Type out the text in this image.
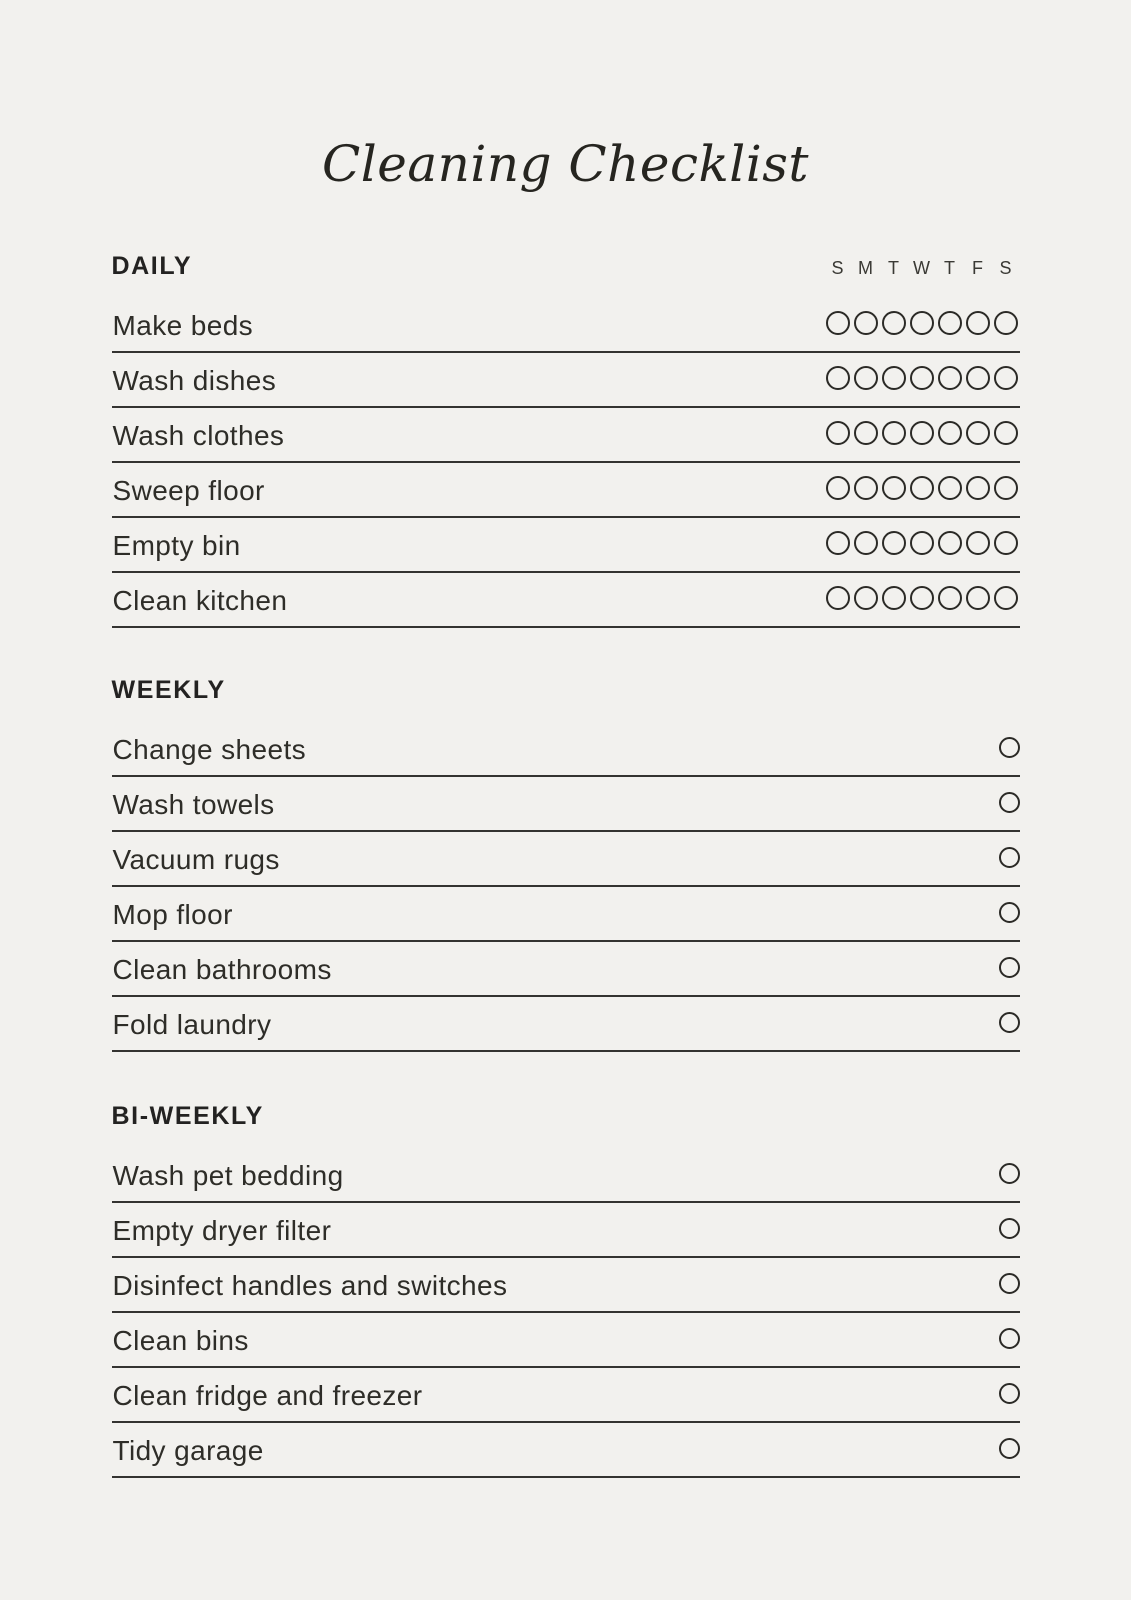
Cleaning Checklist
DAILY	S M T W T F S
Make beds
Wash dishes
Wash clothes
Sweep floor
Empty bin
Clean kitchen
WEEKLY
Change sheets
Wash towels
Vacuum rugs
Mop floor
Clean bathrooms
Fold laundry
BI-WEEKLY
Wash pet bedding
Empty dryer filter
Disinfect handles and switches
Clean bins
Clean fridge and freezer
Tidy garage
